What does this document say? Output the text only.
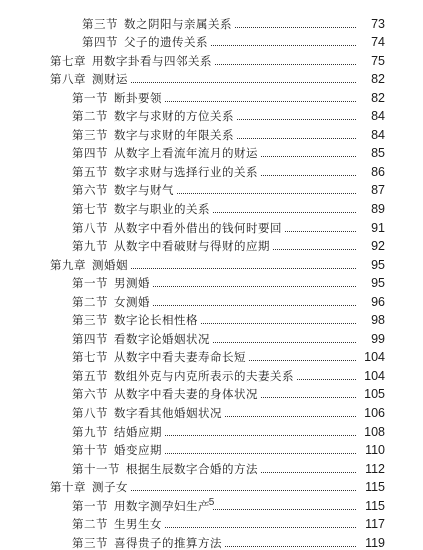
第三节 数之阴阳与亲属关系	73
第四节 父子的遗传关系	74
第七章 用数字卦看与四邻关系	75
第八章 测财运	82
第一节 断卦要领	82
第二节 数字与求财的方位关系	84
第三节 数字与求财的年限关系	84
第四节 从数字上看流年流月的财运	85
第五节 数字求财与选择行业的关系	86
第六节 数字与财气	87
第七节 数字与职业的关系	89
第八节 从数字中看外借出的钱何时要回	91
第九节 从数字中看破财与得财的应期	92
第九章 测婚姻	95
第一节 男测婚	95
第二节 女测婚	96
第三节 数字论长相性格	98
第四节 看数字论婚姻状况	99
第七节 从数字中看夫妻寿命长短	104
第五节 数组外克与内克所表示的夫妻关系	104
第六节 从数字中看夫妻的身体状况	105
第八节 数字看其他婚姻状况	106
第九节 结婚应期	108
第十节 婚变应期	110
第十一节 根据生辰数字合婚的方法	112
第十章 测子女	115
第一节 用数字测孕妇生产	115
第二节 生男生女	117
第三节 喜得贵子的推算方法	119
5
